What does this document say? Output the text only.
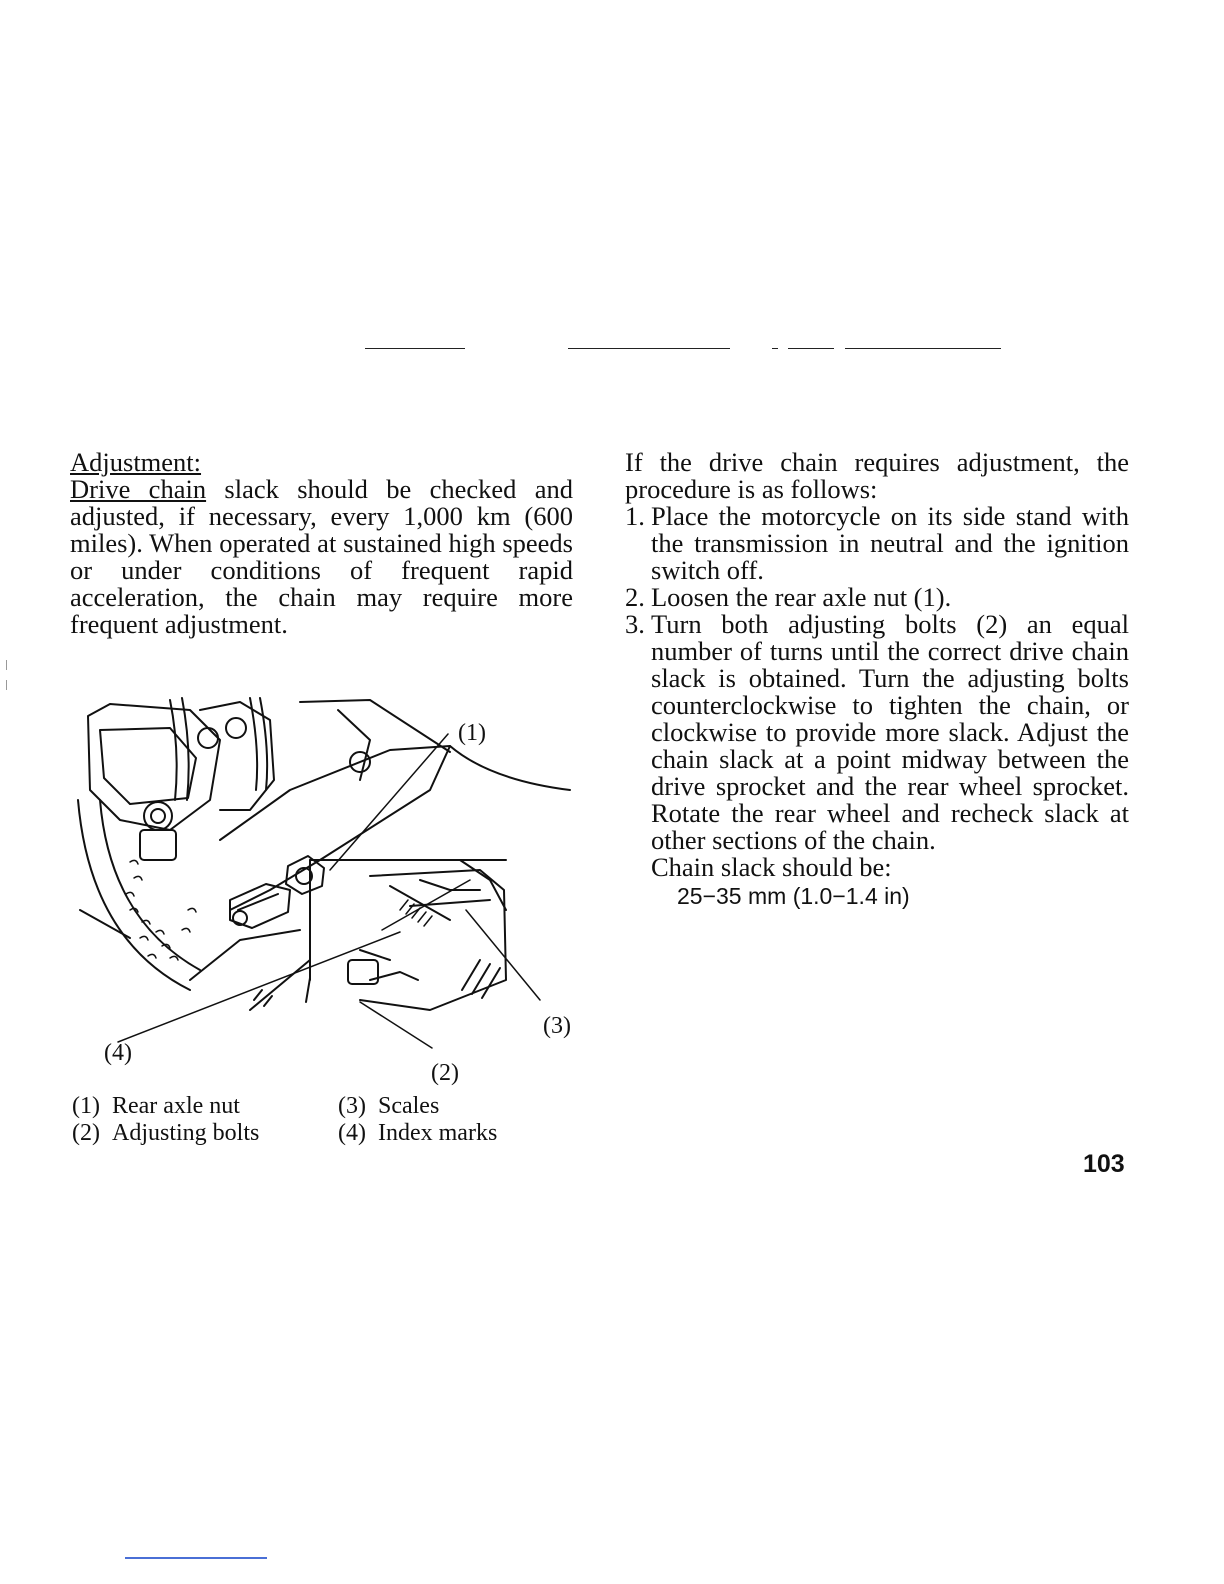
Adjustment:
Drive chain slack should be checked and adjusted, if necessary, every 1,000 km (600 miles). When operated at sustained high speeds or under conditions of frequent rapid acceleration, the chain may require more frequent adjustment.
If the drive chain requires adjustment, the procedure is as follows:
1. Place the motorcycle on its side stand with the transmission in neutral and the ignition switch off.
2. Loosen the rear axle nut (1).
3. Turn both adjusting bolts (2) an equal number of turns until the correct drive chain slack is obtained. Turn the adjusting bolts counterclockwise to tighten the chain, or clockwise to provide more slack. Adjust the chain slack at a point midway between the drive sprocket and the rear wheel sprocket. Rotate the rear wheel and recheck slack at other sections of the chain.
Chain slack should be:
25−35 mm (1.0−1.4 in)
(1)
(3)
(4)
(2)
(1) Rear axle nut
(2) Adjusting bolts
(3) Scales
(4) Index marks
103
